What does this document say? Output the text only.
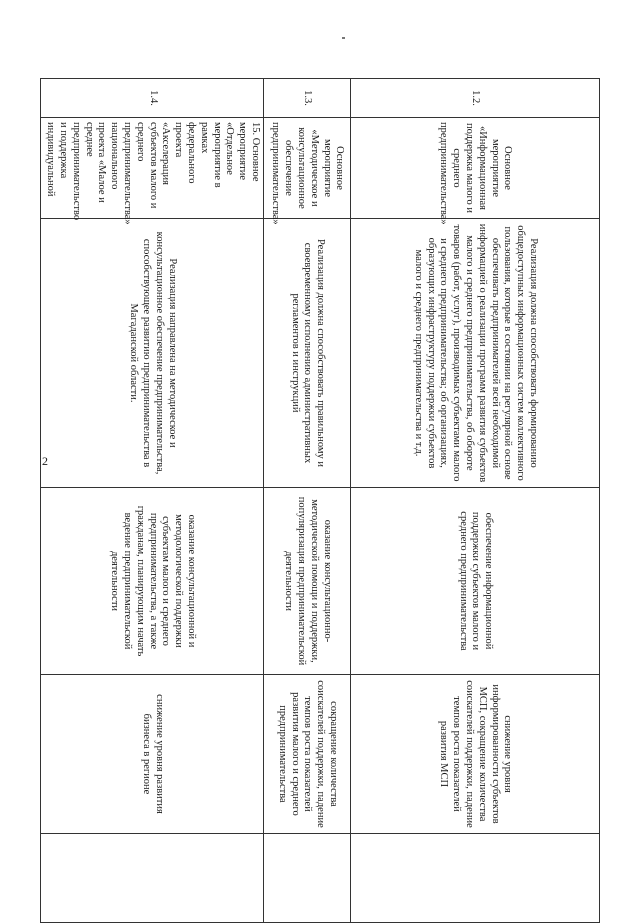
2
1.2.	Основное мероприятие «Информационная поддержка малого и среднего предпринимательства»	Реализация должна способствовать формированию общедоступных информационных систем коллективного пользования, которые в состоянии на регулярной основе обеспечивать предпринимателей всей необходимой информацией о реализации программ развития субъектов малого и среднего предпринимательства, об обороте товаров (работ, услуг), производимых субъектами малого и среднего предпринимательства; об организациях, образующих инфраструктуру поддержки субъектов малого и среднего предпринимательства и т.д.	обеспечение информационной поддержки субъектов малого и среднего предпринимательства	снижение уровня информированности субъектов МСП, сокращение количества соискателей поддержки, падение темпов роста показателей развития МСП	
1.3.	Основное мероприятие «Методическое и консультационное обеспечение предпринимательства»	Реализация должна способствовать правильному и своевременному исполнению административных регламентов и инструкций	оказание консультационно-методической помощи и поддержки, популяризация предпринимательской деятельности	сокращение количества соискателей поддержки, падение темпов роста показателей развития малого и среднего предпринимательства	
1.4.	15. Основное мероприятие «Отдельное мероприятие в рамках федерального проекта «Акселерация субъектов малого и среднего предпринимательства» национального проекта «Малое и среднее предпринимательство и поддержка индивидуальной	Реализация направлена на методическое и консультационное обеспечение предпринимательства, способствующее развитию предпринимательства в Магаданской области.	оказание консультационной и методологической поддержки субъектам малого и среднего предпринимательства, а также гражданам, планирующим начать ведение предпринимательской деятельности	снижение уровня развития бизнеса в регионе	
